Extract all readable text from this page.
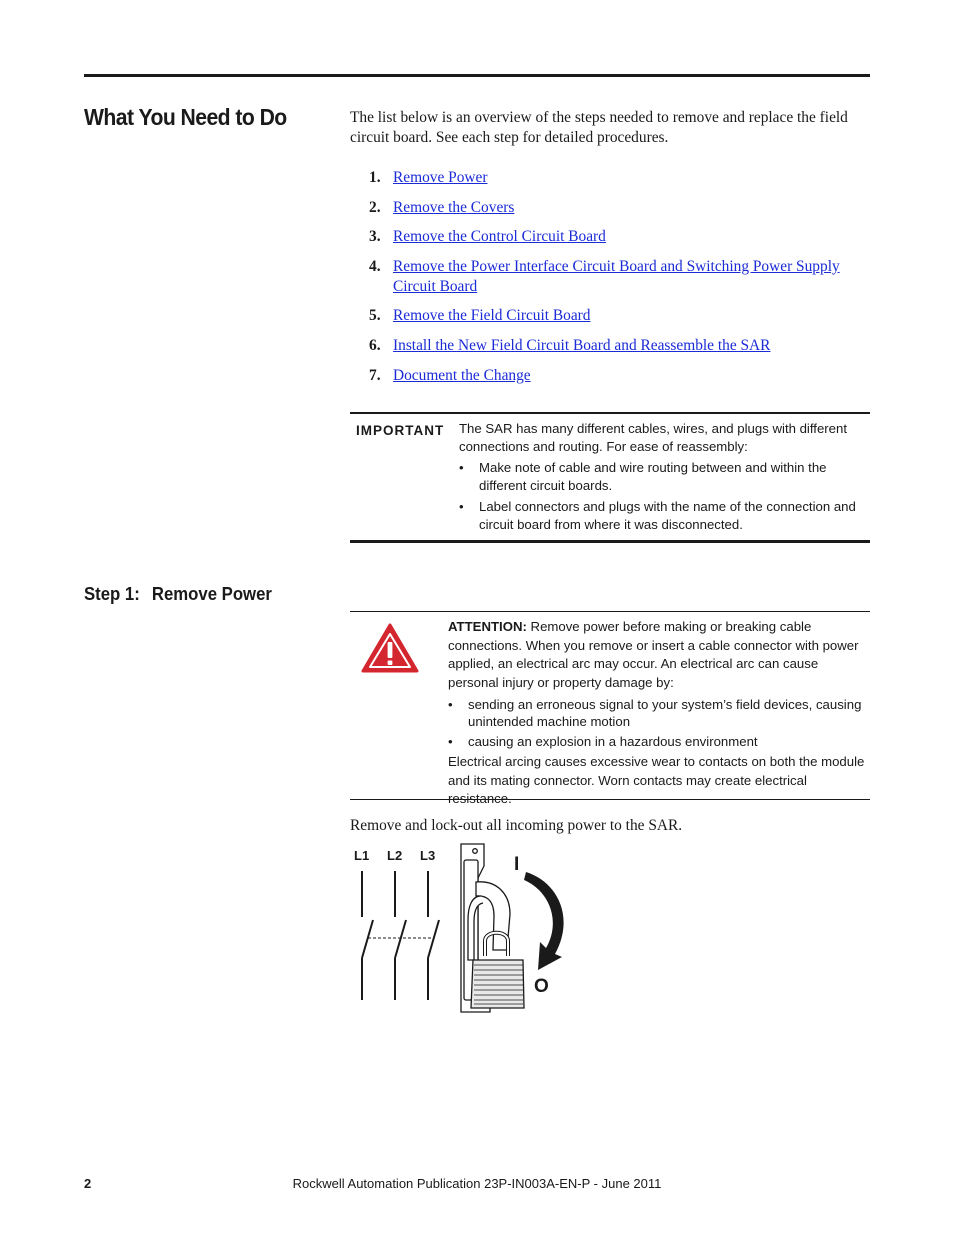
What You Need to Do	The list below is an overview of the steps needed to remove and replace the field circuit board. See each step for detailed procedures.

1. Remove Power
2. Remove the Covers
3. Remove the Control Circuit Board
4. Remove the Power Interface Circuit Board and Switching Power Supply Circuit Board
5. Remove the Field Circuit Board
6. Install the New Field Circuit Board and Reassemble the SAR
7. Document the Change
IMPORTANT The SAR has many different cables, wires, and plugs with different connections and routing. For ease of reassembly:

• Make note of cable and wire routing between and within the different circuit boards.
• Label connectors and plugs with the name of the connection and circuit board from where it was disconnected.
Step 1: Remove Power

ATTENTION: Remove power before making or breaking cable connections. When you remove or insert a cable connector with power applied, an electrical arc may occur. An electrical arc can cause personal injury or property damage by:

• sending an erroneous signal to your system’s field devices, causing unintended machine motion
• causing an explosion in a hazardous environment

Electrical arcing causes excessive wear to contacts on both the module and its mating connector. Worn contacts may create electrical resistance.

Remove and lock-out all incoming power to the SAR.

L1 L2 L3	I
O
2	Rockwell Automation Publication 23P-IN003A-EN-P - June 2011
